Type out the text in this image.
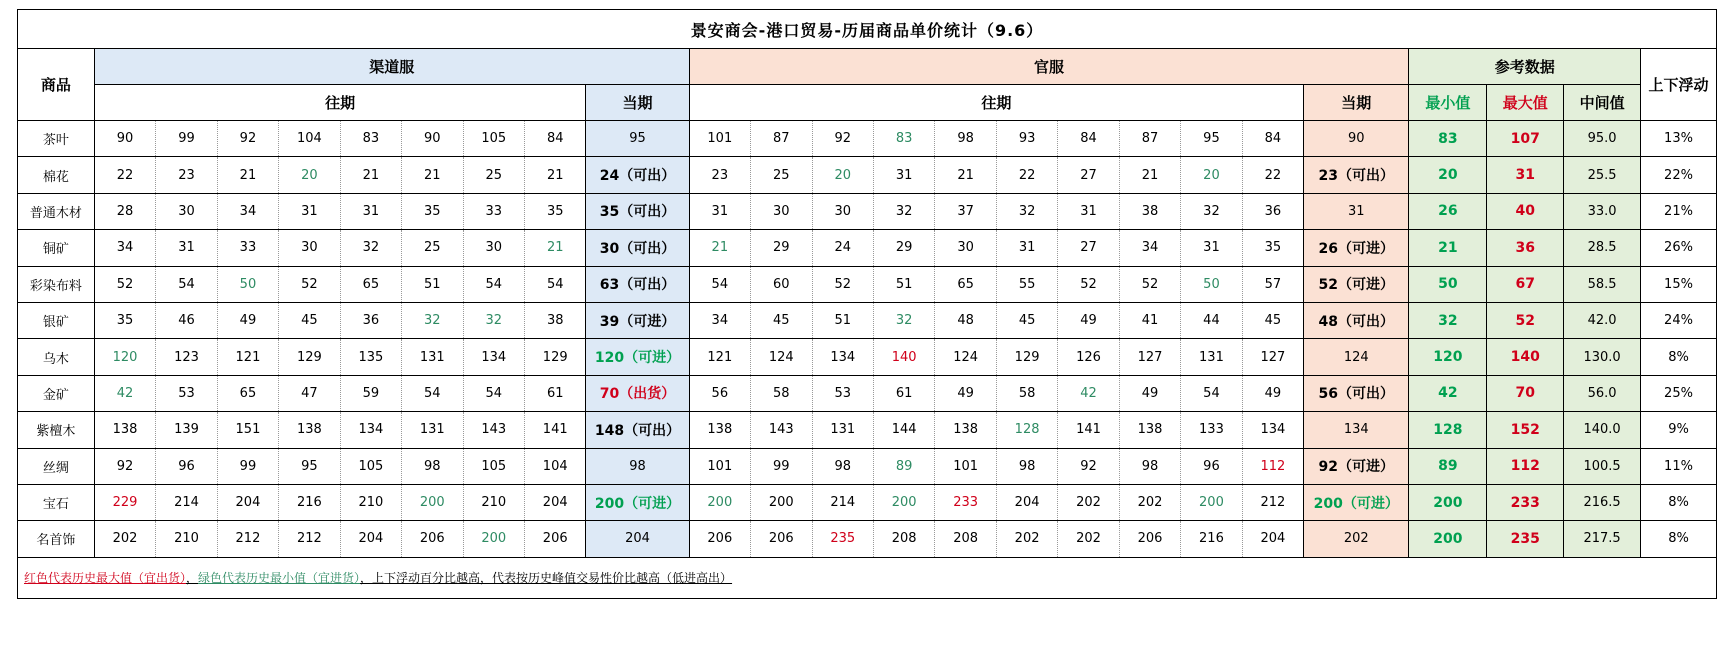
景安商会-港口贸易-历届商品单价统计（9.6）																								
商品	渠道服									官服											参考数据			上下浮动
	往期								当期	往期										当期	最小值	最大值	中间值	
茶叶	90	99	92	104	83	90	105	84	95	101	87	92	83	98	93	84	87	95	84	90	83	107	95.0	13%
棉花	22	23	21	20	21	21	25	21	24（可出）	23	25	20	31	21	22	27	21	20	22	23（可出）	20	31	25.5	22%
普通木材	28	30	34	31	31	35	33	35	35（可出）	31	30	30	32	37	32	31	38	32	36	31	26	40	33.0	21%
铜矿	34	31	33	30	32	25	30	21	30（可出）	21	29	24	29	30	31	27	34	31	35	26（可进）	21	36	28.5	26%
彩染布料	52	54	50	52	65	51	54	54	63（可出）	54	60	52	51	65	55	52	52	50	57	52（可进）	50	67	58.5	15%
银矿	35	46	49	45	36	32	32	38	39（可进）	34	45	51	32	48	45	49	41	44	45	48（可出）	32	52	42.0	24%
乌木	120	123	121	129	135	131	134	129	120（可进）	121	124	134	140	124	129	126	127	131	127	124	120	140	130.0	8%
金矿	42	53	65	47	59	54	54	61	70（出货）	56	58	53	61	49	58	42	49	54	49	56（可出）	42	70	56.0	25%
紫檀木	138	139	151	138	134	131	143	141	148（可出）	138	143	131	144	138	128	141	138	133	134	134	128	152	140.0	9%
丝绸	92	96	99	95	105	98	105	104	98	101	99	98	89	101	98	92	98	96	112	92（可进）	89	112	100.5	11%
宝石	229	214	204	216	210	200	210	204	200（可进）	200	200	214	200	233	204	202	202	200	212	200（可进）	200	233	216.5	8%
名首饰	202	210	212	212	204	206	200	206	204	206	206	235	208	208	202	202	206	216	204	202	200	235	217.5	8%
红色代表历史最大值（宜出货），绿色代表历史最小值（宜进货），上下浮动百分比越高，代表按历史峰值交易性价比越高（低进高出）
